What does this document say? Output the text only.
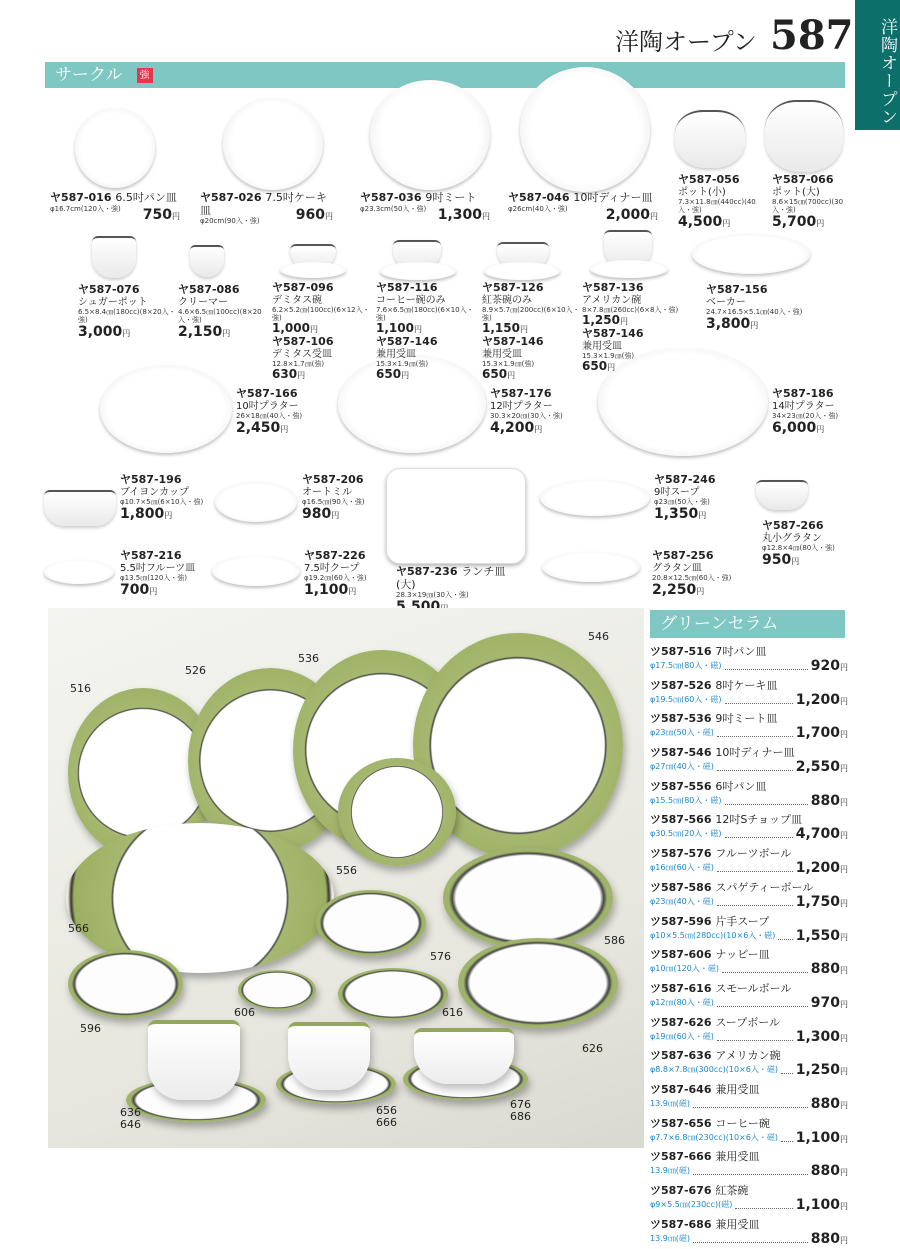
洋陶オープン 587	洋陶オープン
サークル 強
ヤ587-016 6.5吋パン皿
φ16.7cm(120入・強)	750円
ヤ587-026 7.5吋ケーキ皿
φ20cm(90入・強)	960円
ヤ587-036 9吋ミート
φ23.3cm(50入・強) 1,300円
ヤ587-046 10吋ディナー皿
φ26cm(40入・強)	2,000円
ヤ587-056
ポット(小)
7.3×11.8㎝(440cc)(40入・強)
4,500円
ヤ587-066
ポット(大)
8.6×15㎝(700cc)(30入・強)
5,700円
ヤ587-076
シュガーポット
6.5×8.4㎝(180cc)(8×20入・強)
3,000円
ヤ587-086
クリーマー
4.6×6.5㎝(100cc)(8×20入・強)
2,150円
ヤ587-096
デミタス碗
6.2×5.2㎝(100cc)(6×12入・強)
1,000円
ヤ587-106
デミタス受皿
12.8×1.7㎝(強)
630円
ヤ587-116
コーヒー碗のみ
7.6×6.5㎝(180cc)(6×10入・強)
1,100円
ヤ587-146
兼用受皿
15.3×1.9㎝(強)
650円
ヤ587-126
紅茶碗のみ
8.9×5.7㎝(200cc)(6×10入・強)
1,150円
ヤ587-146
兼用受皿
15.3×1.9㎝(強)
650円
ヤ587-136
アメリカン碗
8×7.8㎝(260cc)(6×8入・強)
1,250円
ヤ587-146
兼用受皿
15.3×1.9㎝(強)
650円
ヤ587-156
ベーカー
24.7×16.5×5.1㎝(40入・強)
3,800円
ヤ587-166
10吋プラター
26×18㎝(40入・強)
2,450円
ヤ587-176
12吋プラター
30.3×20㎝(30入・強)
4,200円
ヤ587-186
14吋プラター
34×23㎝(20入・強)
6,000円
ヤ587-196
ブイヨンカップ
φ10.7×5㎝(6×10入・強)
1,800円
ヤ587-206
オートミル
φ16.5㎝(90入・強)
980円
ヤ587-236 ランチ皿(大)
28.3×19㎝(30入・強)
ヤ587-246
9吋スープ
φ23㎝(50入・強)
1,350円
ヤ587-266
丸小グラタン
φ12.8×4㎝(80入・強)
950円
ヤ587-216
5.5吋フルーツ皿
φ13.5㎝(120入・強)
700円
ヤ587-226
7.5吋クープ
φ19.2㎝(60入・強)
1,100円
ヤ587-256
グラタン皿
20.8×12.5㎝(60入・強)
2,250円
516
526
536
546
556
566
576
586
596
606	616
626
636
646
656
666
676
686
グリーンセラム
ツ587-516 7吋パン皿
φ17.5㎝(80入・磁)	920円
ツ587-526 8吋ケーキ皿
φ19.5㎝(60入・磁)	1,200円
ツ587-536 9吋ミート皿
φ23㎝(50入・磁)	1,700円
ツ587-546 10吋ディナー皿
φ27㎝(40入・磁)	2,550円
ツ587-556 6吋パン皿
φ15.5㎝(80入・磁)	880円
ツ587-566 12吋Sチョップ皿
φ30.5㎝(20入・磁)	4,700円
ツ587-576 フルーツボール
φ16㎝(60入・磁)	1,200円
ツ587-586 スパゲティーボール
φ23㎝(40入・磁)	1,750円
ツ587-596 片手スープ
φ10×5.5㎝(280cc)(10×6入・磁) 1,550円
ツ587-606 ナッピー皿
φ10㎝(120入・磁)	880円
ツ587-616 スモールボール
φ12㎝(80入・磁)	970円
ツ587-626 スープボール
φ19㎝(60入・磁)	1,300円
ツ587-636 アメリカン碗
φ8.8×7.8㎝(300cc)(10×6入・磁) 1,250円
ツ587-646 兼用受皿
13.9㎝(磁)	880円
ツ587-656 コーヒー碗
φ7.7×6.8㎝(230cc)(10×6入・磁) 1,100円
ツ587-666 兼用受皿
13.9㎝(磁)	880円
ツ587-676 紅茶碗
φ9×5.5㎝(230cc)(磁)	1,100円
ツ587-686 兼用受皿
13.9㎝(磁)	880円
